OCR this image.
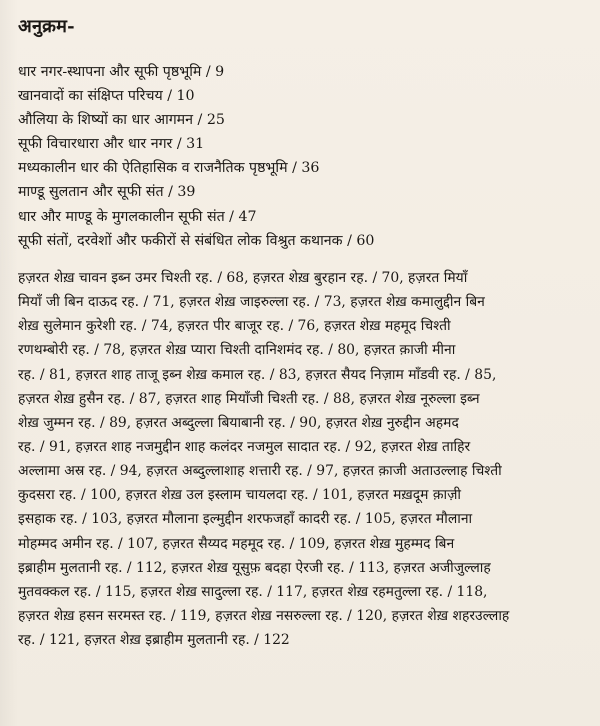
अनुक्रम-
धार नगर-स्थापना और सूफी पृष्ठभूमि / 9
खानवादों का संक्षिप्त परिचय / 10
औलिया के शिष्यों का धार आगमन / 25
सूफी विचारधारा और धार नगर / 31
मध्यकालीन धार की ऐतिहासिक व राजनैतिक पृष्ठभूमि / 36
माण्डू सुलतान और सूफी संत / 39
धार और माण्डू के मुगलकालीन सूफी संत / 47
सूफी संतों, दरवेशों और फकीरों से संबंधित लोक विश्रुत कथानक / 60
हज़रत शेख़ चावन इब्न उमर चिश्ती रह. / 68, हज़रत शेख़ बुरहान रह. / 70, हज़रत मियाँ
मियाँ जी बिन दाऊद रह. / 71, हज़रत शेख़ जाइरुल्ला रह. / 73, हज़रत शेख़ कमालुद्दीन बिन
शेख़ सुलेमान कुरेशी रह. / 74, हज़रत पीर बाजूर रह. / 76, हज़रत शेख़ महमूद चिश्ती
रणथम्बोरी रह. / 78, हज़रत शेख़ प्यारा चिश्ती दानिशमंद रह. / 80, हज़रत क़ाजी मीना
रह. / 81, हज़रत शाह ताजू इब्न शेख़ कमाल रह. / 83, हज़रत सैयद निज़ाम माँडवी रह. / 85,
हज़रत शेख़ हुसैन रह. / 87, हज़रत शाह मियाँजी चिश्ती रह. / 88, हज़रत शेख़ नूरुल्ला इब्न
शेख़ जुम्मन रह. / 89, हज़रत अब्दुल्ला बियाबानी रह. / 90, हज़रत शेख़ नुरुद्दीन अहमद
रह. / 91, हज़रत शाह नजमुद्दीन शाह कलंदर नजमुल सादात रह. / 92, हज़रत शेख़ ताहिर
अल्लामा अस्र रह. / 94, हज़रत अब्दुल्लाशाह शत्तारी रह. / 97, हज़रत क़ाजी अताउल्लाह चिश्ती
कुदसरा रह. / 100, हज़रत शेख़ उल इस्लाम चायलदा रह. / 101, हज़रत मख़दूम क़ाज़ी
इसहाक रह. / 103, हज़रत मौलाना इल्मुद्दीन शरफजहाँ कादरी रह. / 105, हज़रत मौलाना
मोहम्मद अमीन रह. / 107, हज़रत सैय्यद महमूद रह. / 109, हज़रत शेख़ मुहम्मद बिन
इब्राहीम मुलतानी रह. / 112, हज़रत शेख़ यूसुफ़ बदहा ऐरजी रह. / 113, हज़रत अजीजुल्लाह
मुतवक्कल रह. / 115, हज़रत शेख़ सादुल्ला रह. / 117, हज़रत शेख़ रहमतुल्ला रह. / 118,
हज़रत शेख़ हसन सरमस्त रह. / 119, हज़रत शेख़ नसरुल्ला रह. / 120, हज़रत शेख़ शहरउल्लाह
रह. / 121, हज़रत शेख़ इब्राहीम मुलतानी रह. / 122
